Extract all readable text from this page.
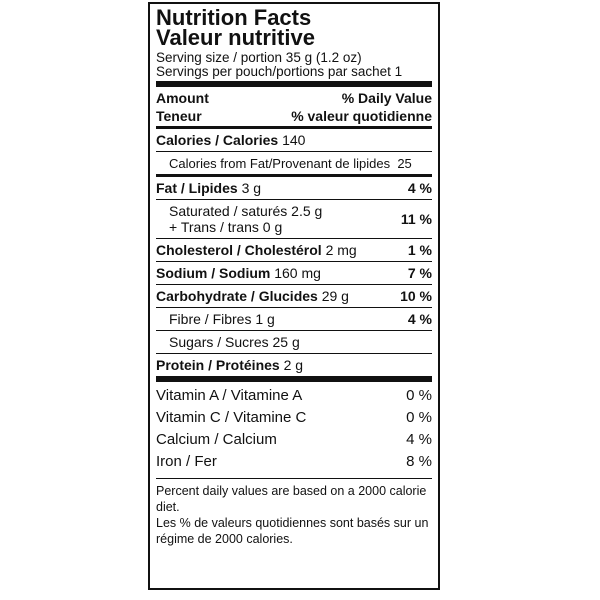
Nutrition Facts
Valeur nutritive
Serving size / portion 35 g (1.2 oz)
Servings per pouch/portions par sachet 1
Amount	% Daily Value
Teneur	% valeur quotidienne
Calories / Calories 140
Calories from Fat/Provenant de lipides  25
Fat / Lipides 3 g	4 %
Saturated / saturés 2.5 g
+ Trans / trans 0 g	11 %
Cholesterol / Cholestérol 2 mg	1 %
Sodium / Sodium 160 mg	7 %
Carbohydrate / Glucides 29 g	10 %
Fibre / Fibres 1 g	4 %
Sugars / Sucres 25 g
Protein / Protéines 2 g
Vitamin A / Vitamine A	0 %
Vitamin C / Vitamine C	0 %
Calcium / Calcium	4 %
Iron / Fer	8 %
Percent daily values are based on a 2000 calorie diet.
Les % de valeurs quotidiennes sont basés sur un régime de 2000 calories.
